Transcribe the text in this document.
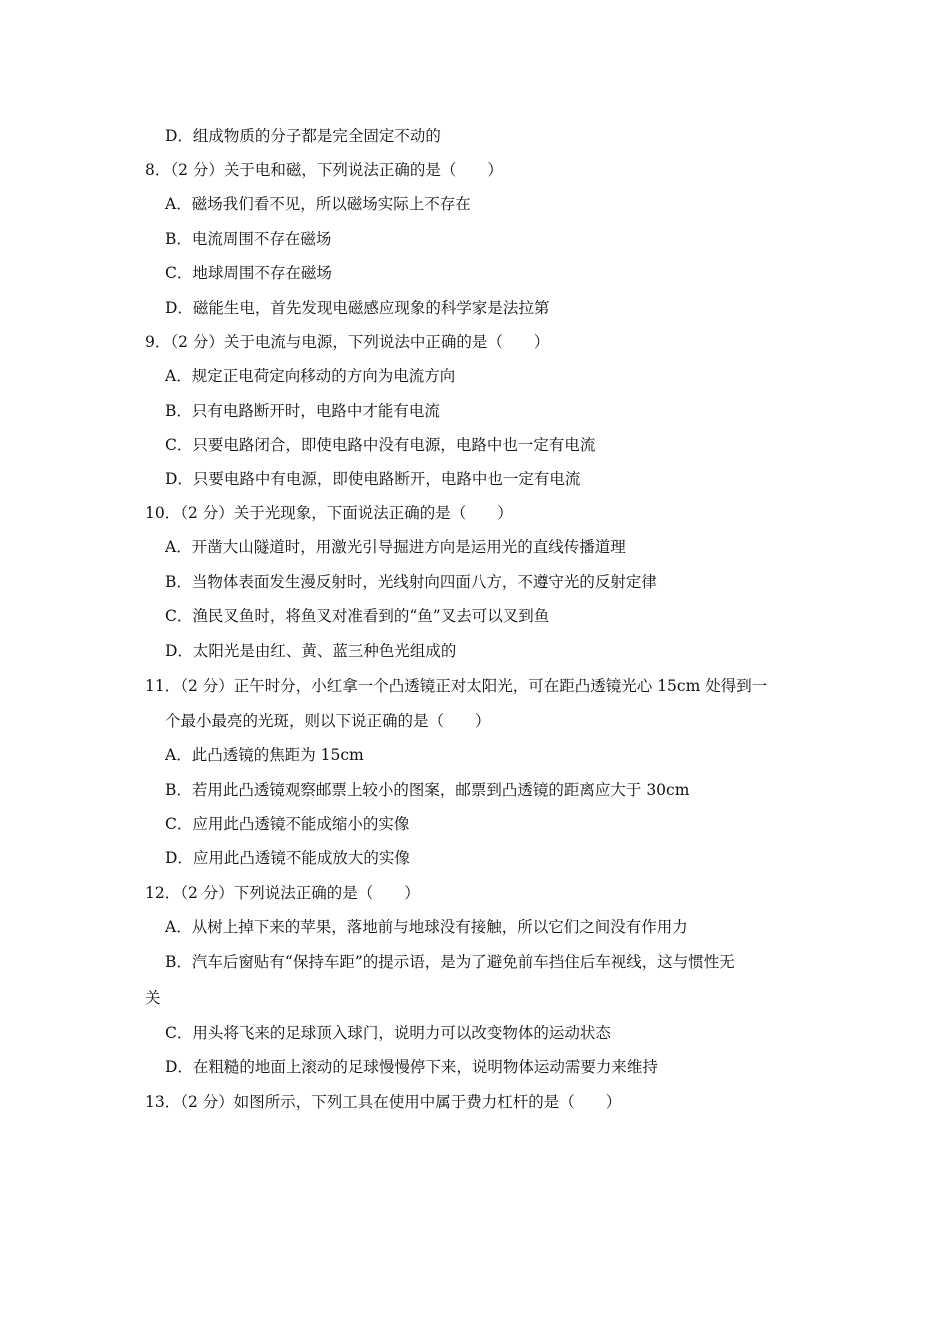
D．组成物质的分子都是完全固定不动的
8．（2 分）关于电和磁，下列说法正确的是（　　）
A．磁场我们看不见，所以磁场实际上不存在
B．电流周围不存在磁场
C．地球周围不存在磁场
D．磁能生电，首先发现电磁感应现象的科学家是法拉第
9．（2 分）关于电流与电源，下列说法中正确的是（　　）
A．规定正电荷定向移动的方向为电流方向
B．只有电路断开时，电路中才能有电流
C．只要电路闭合，即使电路中没有电源，电路中也一定有电流
D．只要电路中有电源，即使电路断开，电路中也一定有电流
10．（2 分）关于光现象，下面说法正确的是（　　）
A．开凿大山隧道时，用激光引导掘进方向是运用光的直线传播道理
B．当物体表面发生漫反射时，光线射向四面八方，不遵守光的反射定律
C．渔民叉鱼时，将鱼叉对准看到的“鱼”叉去可以叉到鱼
D．太阳光是由红、黄、蓝三种色光组成的
11．（2 分）正午时分，小红拿一个凸透镜正对太阳光，可在距凸透镜光心 15cm 处得到一
个最小最亮的光斑，则以下说正确的是（　　）
A．此凸透镜的焦距为 15cm
B．若用此凸透镜观察邮票上较小的图案，邮票到凸透镜的距离应大于 30cm
C．应用此凸透镜不能成缩小的实像
D．应用此凸透镜不能成放大的实像
12．（2 分）下列说法正确的是（　　）
A．从树上掉下来的苹果，落地前与地球没有接触，所以它们之间没有作用力
B．汽车后窗贴有“保持车距”的提示语，是为了避免前车挡住后车视线，这与惯性无
关
C．用头将飞来的足球顶入球门，说明力可以改变物体的运动状态
D．在粗糙的地面上滚动的足球慢慢停下来，说明物体运动需要力来维持
13．（2 分）如图所示，下列工具在使用中属于费力杠杆的是（　　）
